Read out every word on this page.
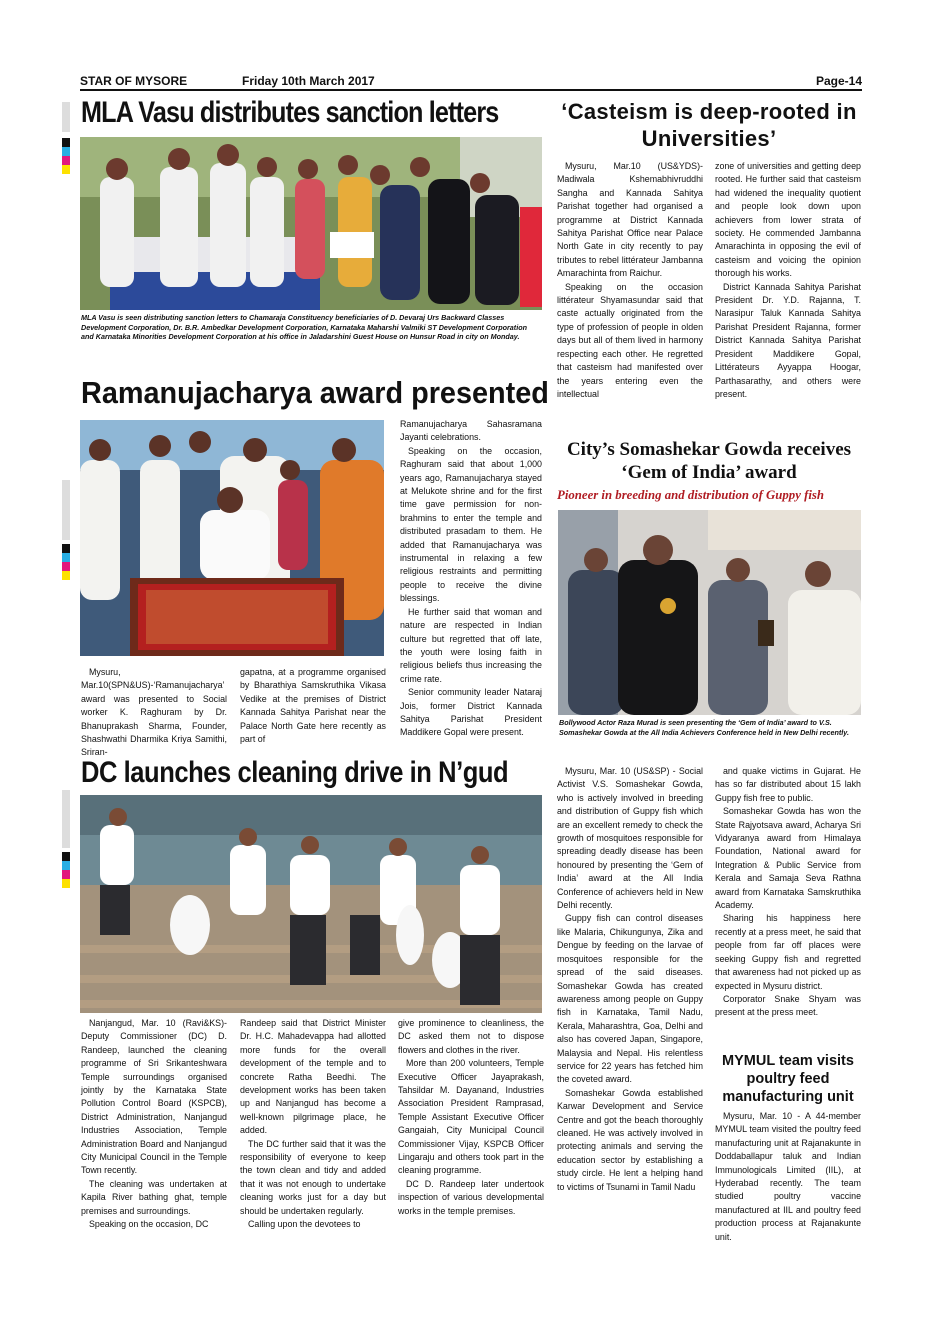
STAR OF MYSORE	Friday 10th March 2017	Page-14
MLA Vasu distributes sanction letters
MLA Vasu is seen distributing sanction letters to Chamaraja Constituency beneficiaries of D. Devaraj Urs Backward Classes Development Corporation, Dr. B.R. Ambedkar Development Corporation, Karnataka Maharshi Valmiki ST Development Corporation and Karnataka Minorities Development Corporation at his office in Jaladarshini Guest House on Hunsur Road in city on Monday.
‘Casteism is deep-rooted in Universities’

Mysuru, Mar.10 (US&YDS)-Madiwala Kshemabhivruddhi Sangha and Kannada Sahitya Parishat together had organised a programme at District Kannada Sahitya Parishat Office near Palace North Gate in city recently to pay tributes to rebel littérateur Jambanna Amarachinta from Raichur.

Speaking on the occasion littérateur Shyamasundar said that caste actually originated from the type of profession of people in olden days but all of them lived in harmony respecting each other. He regretted that casteism had manifested over the years entering even the intellectual

zone of universities and getting deep rooted. He further said that casteism had widened the inequality quotient and people look down upon achievers from lower strata of society. He commended Jambanna Amarachinta in opposing the evil of casteism and voicing the opinion thorough his works.

District Kannada Sahitya Parishat President Dr. Y.D. Rajanna, T. Narasipur Taluk Kannada Sahitya Parishat President Rajanna, former District Kannada Sahitya Parishat President Maddikere Gopal, Littérateurs Ayyappa Hoogar, Parthasarathy, and others were present.

Ramanujacharya award presented

Ramanujacharya Sahasramana Jayanti celebrations.

Speaking on the occasion, Raghuram said that about 1,000 years ago, Ramanujacharya stayed at Melukote shrine and for the first time gave permission for non-brahmins to enter the temple and distributed prasadam to them. He added that Ramanujacharya was instrumental in relaxing a few religious restraints and permitting people to receive the divine blessings.

He further said that woman and nature are respected in Indian culture but regretted that off late, the youth were losing faith in religious beliefs thus increasing the crime rate.

Senior community leader Nataraj Jois, former District Kannada Sahitya Parishat President Maddikere Gopal were present.

Mysuru, Mar.10(SPN&US)-‘Ramanujacharya’ award was presented to Social worker K. Raghuram by Dr. Bhanuprakash Sharma, Founder, Shashwathi Dharmika Kriya Samithi, Sriran-

gapatna, at a programme organised by Bharathiya Samskruthika Vikasa Vedike at the premises of District Kannada Sahitya Parishat near the Palace North Gate here recently as part of

City’s Somashekar Gowda receives ‘Gem of India’ award
Pioneer in breeding and distribution of Guppy fish
Bollywood Actor Raza Murad is seen presenting the ‘Gem of India’ award to V.S. Somashekar Gowda at the All India Achievers Conference held in New Delhi recently.

Mysuru, Mar. 10 (US&SP) - Social Activist V.S. Somashekar Gowda, who is actively involved in breeding and distribution of Guppy fish which are an excellent remedy to check the growth of mosquitoes responsible for spreading deadly disease has been honoured by presenting the ‘Gem of India’ award at the All India Conference of achievers held in New Delhi recently.

Guppy fish can control diseases like Malaria, Chikungunya, Zika and Dengue by feeding on the larvae of mosquitoes responsible for the spread of the said diseases. Somashekar Gowda has created awareness among people on Guppy fish in Karnataka, Tamil Nadu, Kerala, Maharashtra, Goa, Delhi and also has covered Japan, Singapore, Malaysia and Nepal. His relentless service for 22 years has fetched him the coveted award.

Somashekar Gowda established Karwar Development and Service Centre and got the beach thoroughly cleaned. He was actively involved in protecting animals and serving the education sector by establishing a study circle. He lent a helping hand to victims of Tsunami in Tamil Nadu

and quake victims in Gujarat. He has so far distributed about 15 lakh Guppy fish free to public.

Somashekar Gowda has won the State Rajyotsava award, Acharya Sri Vidyaranya award from Himalaya Foundation, National award for Integration & Public Service from Kerala and Samaja Seva Rathna award from Karnataka Samskruthika Academy.

Sharing his happiness here recently at a press meet, he said that people from far off places were seeking Guppy fish and regretted that awareness had not picked up as expected in Mysuru district.

Corporator Snake Shyam was present at the press meet.

MYMUL team visits poultry feed manufacturing unit

Mysuru, Mar. 10 - A 44-member MYMUL team visited the poultry feed manufacturing unit at Rajanakunte in Doddaballapur taluk and Indian Immunologicals Limited (IIL), at Hyderabad recently. The team studied poultry vaccine manufactured at IIL and poultry feed production process at Rajanakunte unit.

DC launches cleaning drive in N’gud

Nanjangud, Mar. 10 (Ravi&KS)-Deputy Commissioner (DC) D. Randeep, launched the cleaning programme of Sri Srikanteshwara Temple surroundings organised jointly by the Karnataka State Pollution Control Board (KSPCB), District Administration, Nanjangud Industries Association, Temple Administration Board and Nanjangud City Municipal Council in the Temple Town recently.

The cleaning was undertaken at Kapila River bathing ghat, temple premises and surroundings.

Speaking on the occasion, DC

Randeep said that District Minister Dr. H.C. Mahadevappa had allotted more funds for the overall development of the temple and to concrete Ratha Beedhi. The development works has been taken up and Nanjangud has become a well-known pilgrimage place, he added.

The DC further said that it was the responsibility of everyone to keep the town clean and tidy and added that it was not enough to undertake cleaning works just for a day but should be undertaken regularly.

Calling upon the devotees to

give prominence to cleanliness, the DC asked them not to dispose flowers and clothes in the river.

More than 200 volunteers, Temple Executive Officer Jayaprakash, Tahsildar M. Dayanand, Industries Association President Ramprasad, Temple Assistant Executive Officer Gangaiah, City Municipal Council Commissioner Vijay, KSPCB Officer Lingaraju and others took part in the cleaning programme.

DC D. Randeep later undertook inspection of various developmental works in the temple premises.
